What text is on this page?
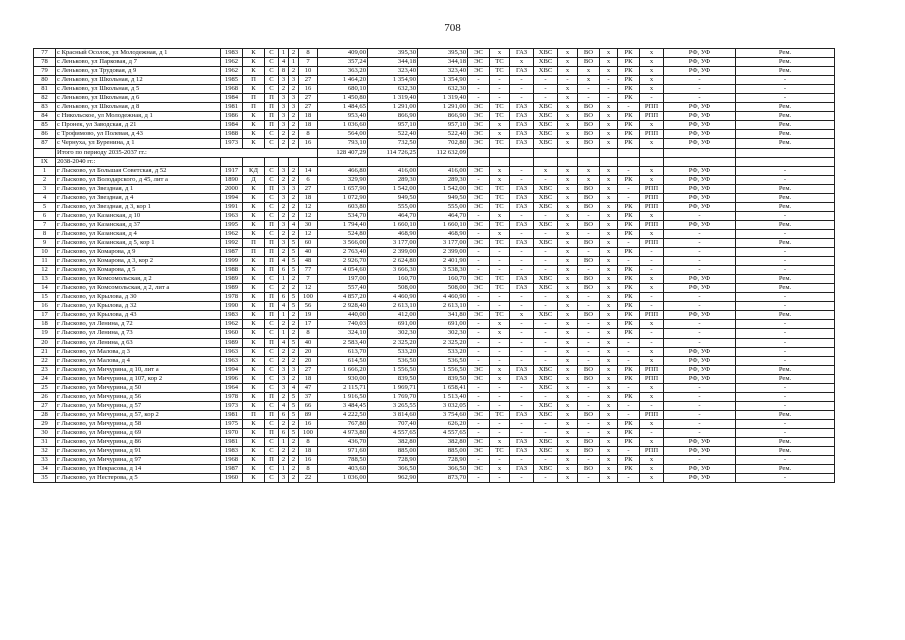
708
77	с Красный Осолок, ул Молодежная, д 1	1983	К	С	1	2	8	409,00	395,30	395,30	ЭС	х	ГАЗ	ХВС	х	ВО	х	РК	х	РФ, УФ	Рем.
78	с Леньково, ул Парковая, д 7	1962	К	С	4	1	7	357,24	344,18	344,18	ЭС	ТС	х	ХВС	х	ВО	х	РК	х	РФ, УФ	Рем.
79	с Леньково, ул Трудовая, д 9	1962	К	С	8	2	10	363,20	323,40	323,40	ЭС	ТС	ГАЗ	ХВС	х	х	х	РК	х	РФ, УФ	Рем.
80	с Леньково, ул Школьная, д 12	1985	П	С	3	3	27	1 464,20	1 354,90	1 354,90	-	-	-	-	-	х	-	РК	х	-	-
81	с Леньково, ул Школьная, д 5	1968	К	С	2	2	16	680,10	632,30	632,30	-	-	-	-	х	-	-	РК	х	-	-
82	с Леньково, ул Школьная, д 6	1984	П	П	3	3	27	1 450,80	1 319,40	1 319,40	-	-	-	-	х	-	-	РК	-	-	-
83	с Леньково, ул Школьная, д 8	1981	П	П	3	3	27	1 484,65	1 291,00	1 291,00	ЭС	ТС	ГАЗ	ХВС	х	ВО	х	-	РПП	РФ, УФ	Рем.
84	с Никольское, ул Молодежная, д 1	1986	К	П	3	2	18	953,40	866,90	866,90	ЭС	ТС	ГАЗ	ХВС	х	ВО	х	РК	РПП	РФ, УФ	Рем.
85	с Пронек, ул Заводская, д 21	1984	К	П	3	2	18	1 036,60	957,10	957,10	ЭС	х	ГАЗ	ХВС	х	ВО	х	РК	х	РФ, УФ	Рем.
86	с Трофимово, ул Полевая, д 43	1988	К	С	2	2	8	564,00	522,40	522,40	ЭС	х	ГАЗ	ХВС	х	ВО	х	РК	РПП	РФ, УФ	Рем.
87	с Чернуха, ул Буренина, д 1	1973	К	С	2	2	16	793,10	732,50	702,80	ЭС	ТС	ГАЗ	ХВС	х	ВО	х	РК	х	РФ, УФ	Рем.
	Итого по периоду 2035-2037 гг.:							128 407,29	114 726,25	112 632,09											
IX	2038-2040 гг.:																				
1	г Лысково, ул Большая Советская, д 52	1917	КД	С	3	2	14	466,80	416,00	416,00	ЭС	х	-	х	х	х	х	-	х	РФ, УФ	-
2	г Лысково, ул Володарского, д 45, лит а	1890	Д	С	2	2	6	329,90	289,30	289,30	-	х	-	-	х	х	х	РК	х	РФ, УФ	-
3	г Лысково, ул Звездная, д 1	2000	К	П	3	3	27	1 657,90	1 542,00	1 542,00	ЭС	ТС	ГАЗ	ХВС	х	ВО	х	-	РПП	РФ, УФ	Рем.
4	г Лысково, ул Звездная, д 4	1994	К	С	3	2	18	1 072,90	949,50	949,50	ЭС	ТС	ГАЗ	ХВС	х	ВО	х	-	РПП	РФ, УФ	Рем.
5	г Лысково, ул Звездная, д 3, кор 1	1991	К	С	2	2	12	603,80	555,00	555,00	ЭС	ТС	ГАЗ	ХВС	х	ВО	х	РК	РПП	РФ, УФ	Рем.
6	г Лысково, ул Казанская, д 10	1963	К	С	2	2	12	534,70	464,70	464,70	-	х	-	-	х	-	х	РК	х	-	-
7	г Лысково, ул Казанская, д 37	1995	К	П	3	4	30	1 794,40	1 660,10	1 660,10	ЭС	ТС	ГАЗ	ХВС	х	ВО	х	РК	РПП	РФ, УФ	Рем.
8	г Лысково, ул Казанская, д 4	1962	К	С	2	2	12	524,80	468,90	468,90	-	х	-	-	х	-	х	РК	х	-	-
9	г Лысково, ул Казанская, д 5, кор 1	1992	П	П	3	5	60	3 566,00	3 177,00	3 177,00	ЭС	ТС	ГАЗ	ХВС	х	ВО	х	-	РПП	-	Рем.
10	г Лысково, ул Комарова, д 9	1987	П	П	2	5	40	2 763,40	2 399,00	2 399,00	-	-	-	-	х	-	х	РК	-	-	-
11	г Лысково, ул Комарова, д 3, кор 2	1999	К	П	4	5	48	2 926,70	2 624,80	2 401,90	-	-	-	-	х	ВО	х	-	-	-	-
12	г Лысково, ул Комарова, д 5	1988	К	П	6	5	77	4 054,60	3 666,30	3 538,30	-	-	-	-	х	-	х	РК	-	-	-
13	г Лысково, ул Комсомольская, д 2	1989	К	С	1	2	7	197,00	160,70	160,70	ЭС	ТС	ГАЗ	ХВС	х	ВО	х	РК	х	РФ, УФ	Рем.
14	г Лысково, ул Комсомольская, д 2, лит а	1989	К	С	2	2	12	557,40	508,00	508,00	ЭС	ТС	ГАЗ	ХВС	х	ВО	х	РК	х	РФ, УФ	Рем.
15	г Лысково, ул Крылова, д 30	1978	К	П	6	5	100	4 857,20	4 460,90	4 460,90	-	-	-	-	х	-	х	РК	-	-	-
16	г Лысково, ул Крылова, д 32	1990	К	П	4	5	56	2 928,40	2 613,10	2 613,10	-	-	-	-	х	-	х	РК	-	-	-
17	г Лысково, ул Крылова, д 43	1983	К	П	1	2	19	440,00	412,00	341,80	ЭС	ТС	х	ХВС	х	ВО	х	РК	РПП	РФ, УФ	Рем.
18	г Лысково, ул Ленина, д 72	1962	К	С	2	2	17	740,03	691,00	691,00	-	х	-	-	х	-	х	РК	х	-	-
19	г Лысково, ул Ленина, д 73	1960	К	С	1	2	8	324,10	302,30	302,30	-	х	-	-	х	-	х	РК	-	-	-
20	г Лысково, ул Ленина, д 63	1989	К	П	4	5	40	2 583,40	2 325,20	2 325,20	-	-	-	-	х	-	х	-	-	-	-
21	г Лысково, ул Малова, д 3	1963	К	С	2	2	20	613,70	533,20	533,20	-	-	-	-	х	-	х	-	х	РФ, УФ	-
22	г Лысково, ул Малова, д 4	1963	К	С	2	2	20	614,50	536,50	536,50	-	-	-	-	х	-	х	-	х	РФ, УФ	-
23	г Лысково, ул Мичурина, д 10, лит а	1994	К	С	3	3	27	1 666,20	1 556,50	1 556,50	ЭС	х	ГАЗ	ХВС	х	ВО	х	РК	РПП	РФ, УФ	Рем.
24	г Лысково, ул Мичурина, д 107, кор 2	1996	К	С	3	2	18	930,00	839,50	839,50	ЭС	х	ГАЗ	ХВС	х	ВО	х	РК	РПП	РФ, УФ	Рем.
25	г Лысково, ул Мичурина, д 50	1964	К	С	3	4	47	2 115,71	1 969,71	1 658,41	-	-	-	ХВС	х	-	х	-	х	-	-
26	г Лысково, ул Мичурина, д 56	1978	К	П	2	5	37	1 916,50	1 769,70	1 513,40	-	-	-	-	х	-	х	РК	х	-	-
27	г Лысково, ул Мичурина, д 57	1973	К	С	4	5	66	3 484,45	3 265,55	3 032,05	-	-	-	ХВС	х	-	х	-	-	-	-
28	г Лысково, ул Мичурина, д 57, кор 2	1981	П	П	6	5	89	4 222,50	3 814,60	3 754,60	ЭС	ТС	ГАЗ	ХВС	х	ВО	х	-	РПП	-	Рем.
29	г Лысково, ул Мичурина, д 58	1975	К	С	2	2	16	767,80	707,40	626,20	-	-	-	-	х	-	х	РК	х	-	-
30	г Лысково, ул Мичурина, д 69	1970	К	П	6	5	100	4 973,80	4 557,65	4 557,65	-	-	-	-	х	-	х	РК	-	-	-
31	г Лысково, ул Мичурина, д 86	1981	К	С	1	2	8	436,70	382,80	382,80	ЭС	х	ГАЗ	ХВС	х	ВО	х	РК	х	РФ, УФ	Рем.
32	г Лысково, ул Мичурина, д 91	1983	К	С	2	2	18	971,60	885,00	885,00	ЭС	ТС	ГАЗ	ХВС	х	ВО	х	-	РПП	РФ, УФ	Рем.
33	г Лысково, ул Мичурина, д 97	1968	К	П	2	2	16	788,50	728,90	728,90	-	-	-	-	х	-	х	РК	х	-	-
34	г Лысково, ул Некрасова, д 14	1987	К	С	1	2	8	403,60	366,50	366,50	ЭС	х	ГАЗ	ХВС	х	ВО	х	РК	х	РФ, УФ	Рем.
35	г Лысково, ул Нестерова, д 5	1960	К	С	3	2	22	1 036,00	962,90	873,70	-	-	-	-	х	-	х	-	х	РФ, УФ	-
